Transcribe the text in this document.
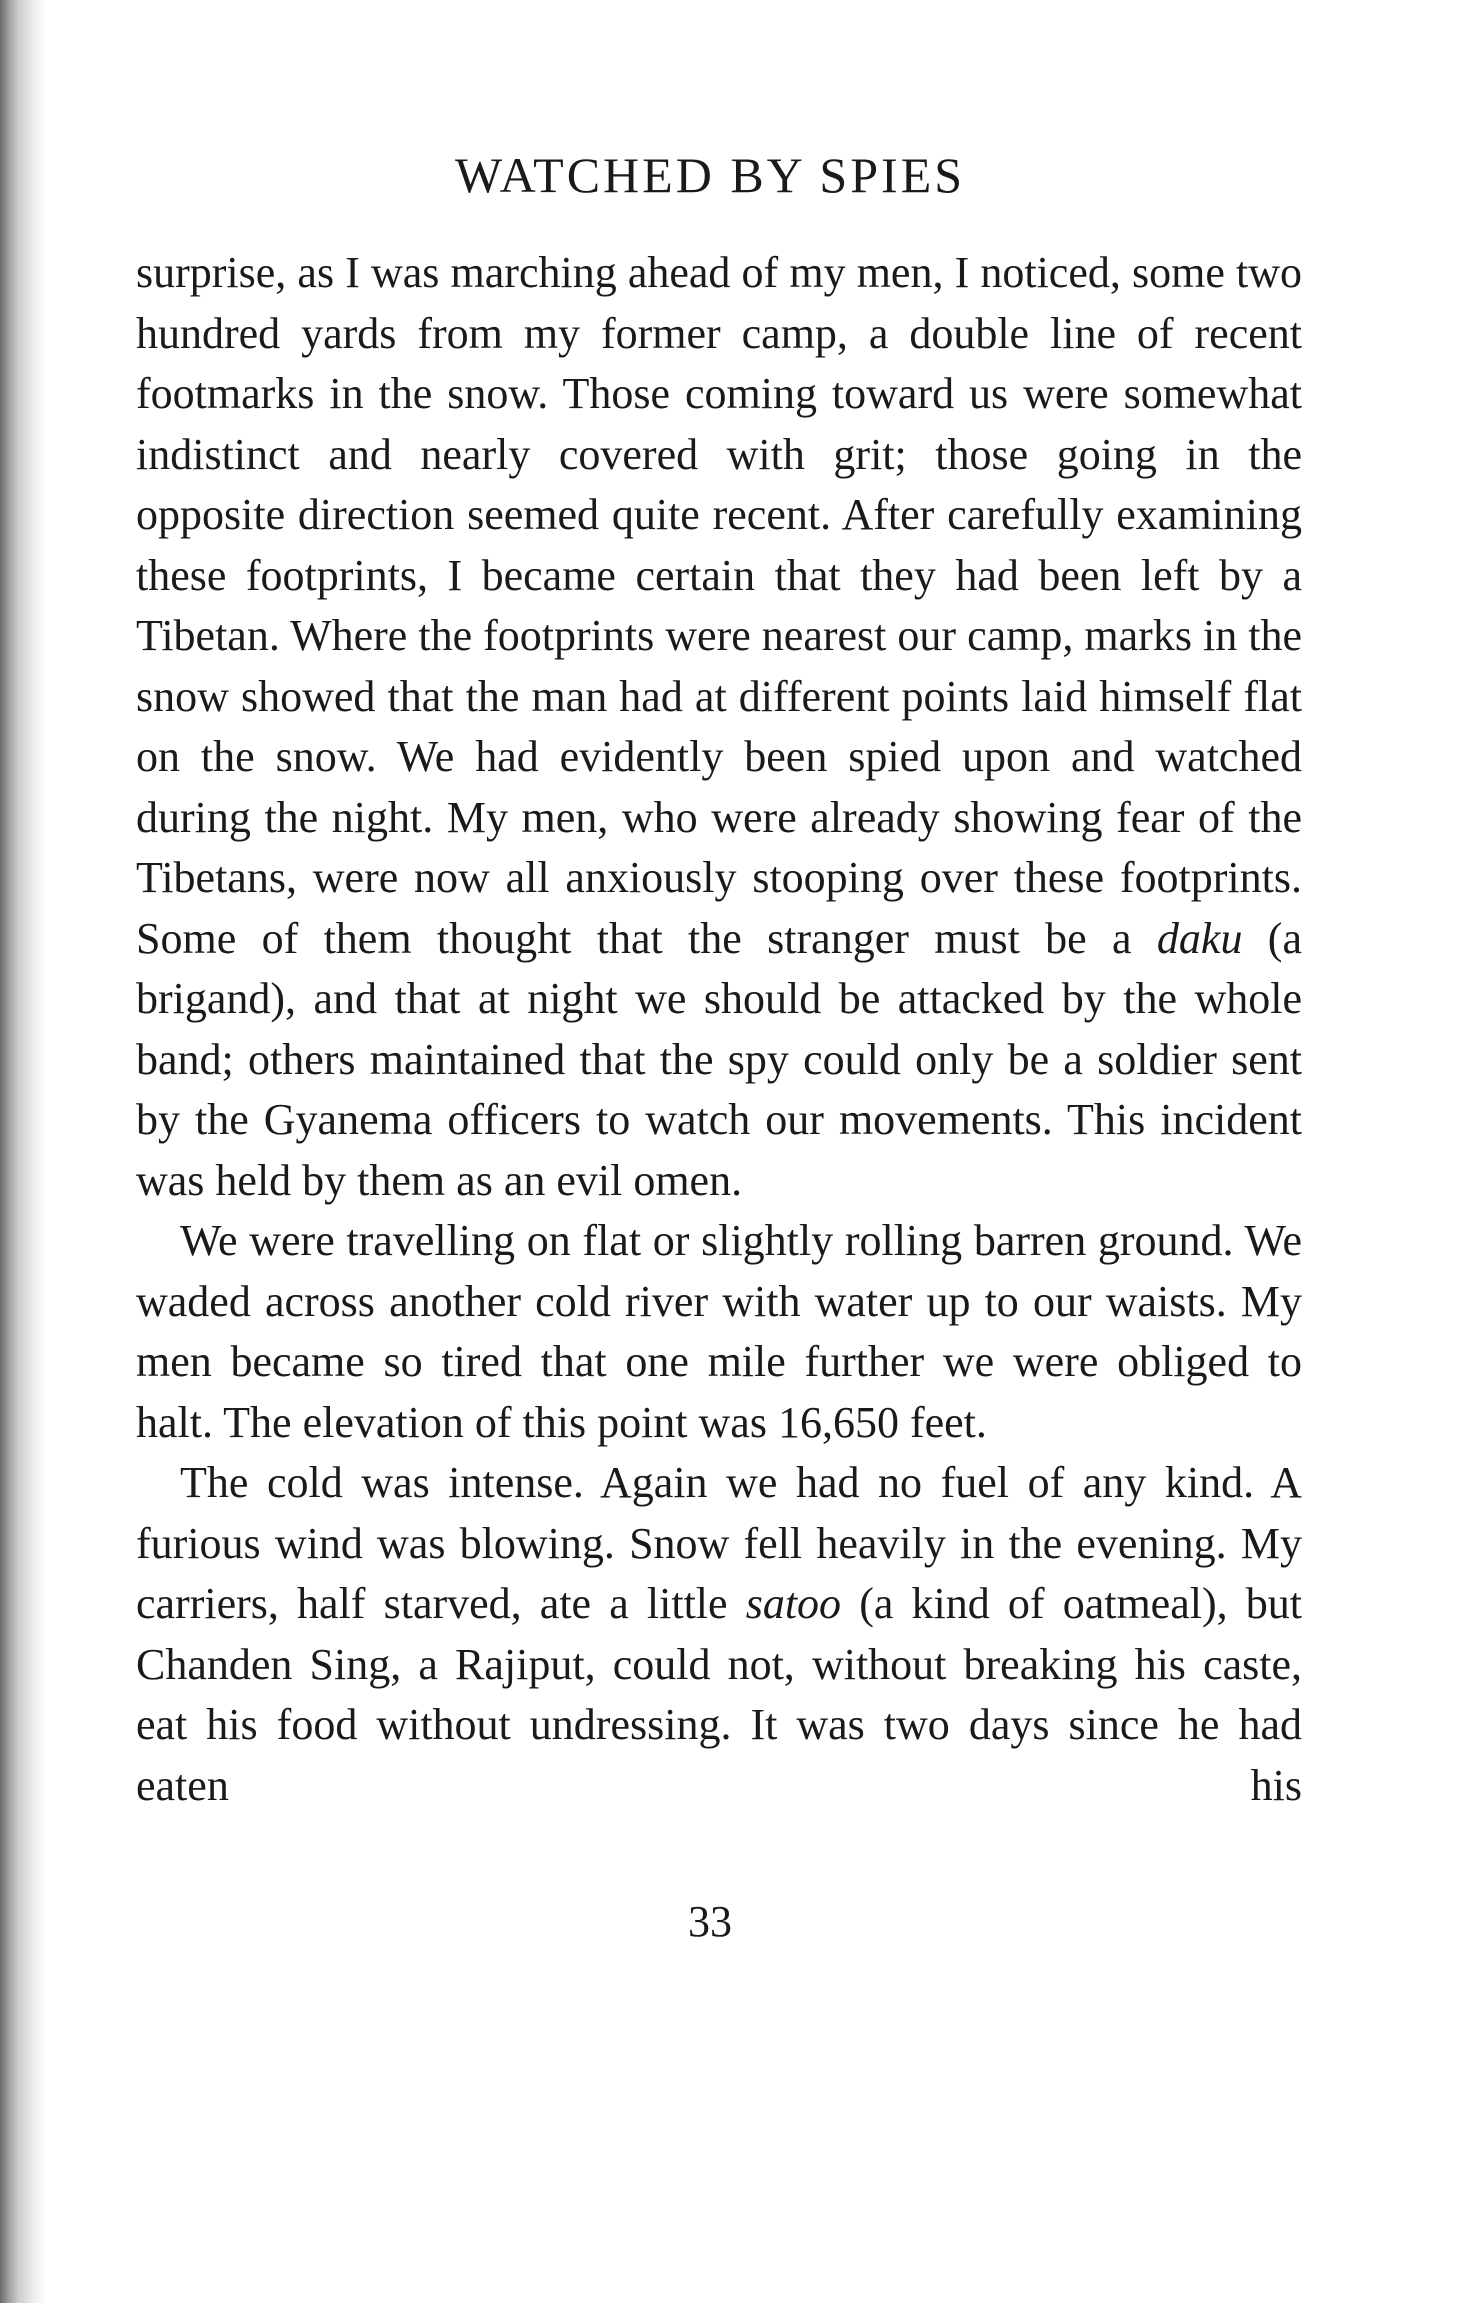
WATCHED BY SPIES

surprise, as I was marching ahead of my men, I noticed, some two hundred yards from my former camp, a double line of recent footmarks in the snow. Those coming toward us were somewhat indistinct and nearly covered with grit; those going in the opposite direction seemed quite recent. After carefully examining these footprints, I became certain that they had been left by a Tibetan. Where the footprints were nearest our camp, marks in the snow showed that the man had at different points laid himself flat on the snow. We had evidently been spied upon and watched during the night. My men, who were already showing fear of the Tibetans, were now all anxiously stooping over these footprints. Some of them thought that the stranger must be a daku (a brigand), and that at night we should be attacked by the whole band; others maintained that the spy could only be a soldier sent by the Gyanema officers to watch our movements. This incident was held by them as an evil omen.

We were travelling on flat or slightly rolling barren ground. We waded across another cold river with water up to our waists. My men became so tired that one mile further we were obliged to halt. The elevation of this point was 16,650 feet.

The cold was intense. Again we had no fuel of any kind. A furious wind was blowing. Snow fell heavily in the evening. My carriers, half starved, ate a little satoo (a kind of oatmeal), but Chanden Sing, a Rajiput, could not, without breaking his caste, eat his food without undressing. It was two days since he had eaten his

33
